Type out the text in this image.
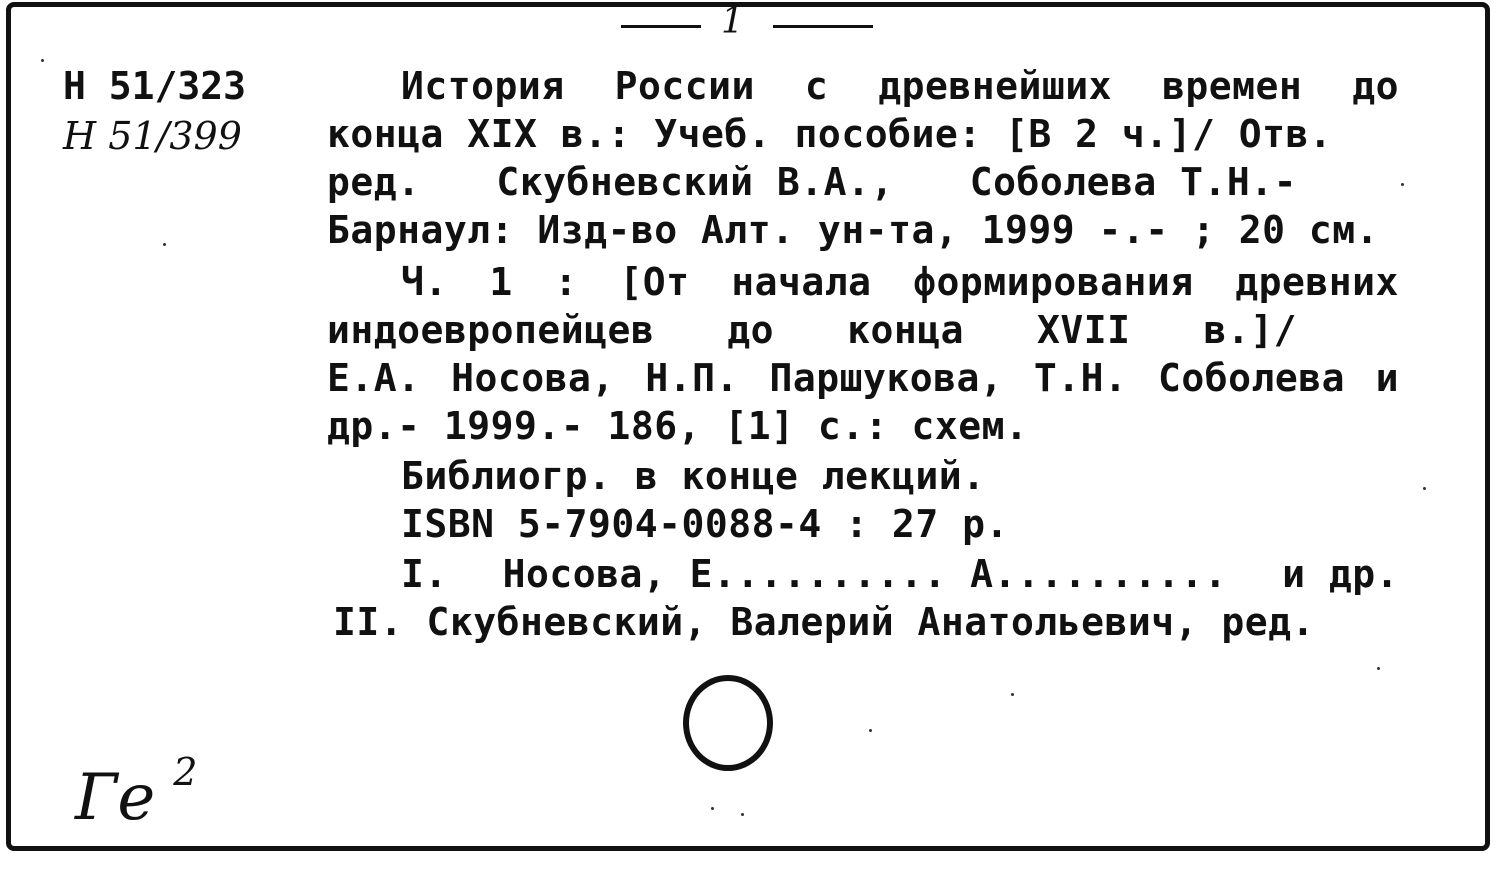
1
Н 51/323
Н 51/399
История России с древнейших времен до
конца XIX в.: Учеб. пособие: [В 2 ч.]/ Отв.
ред. Скубневский В.А., Соболева Т.Н.-
Барнаул: Изд-во Алт. ун-та, 1999 -.- ; 20 см.
Ч. 1 : [От начала формирования древних
индоевропейцев до конца XVII в.]/
Е.А. Носова, Н.П. Паршукова, Т.Н. Соболева и
др.- 1999.- 186, [1] с.: схем.
Библиогр. в конце лекций.
ISBN 5-7904-0088-4 : 27 р.
I. Носова, Е.......... А.......... и др.
II. Скубневский, Валерий Анатольевич, ред.
Ге $^2$
